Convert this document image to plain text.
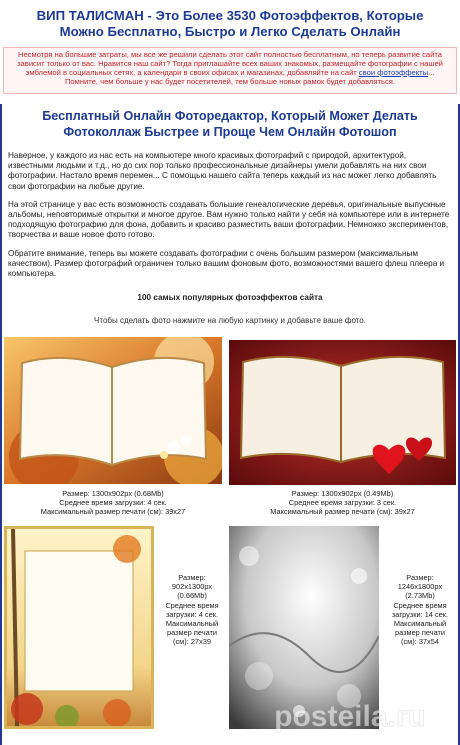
ВИП ТАЛИСМАН - Это Более 3530 Фотоэффектов, Которые Можно Бесплатно, Быстро и Легко Сделать Онлайн
Несмотря на большие затраты, мы все же решили сделать этот сайт полностью бесплатным, но теперь развитие сайта зависит только от вас. Нравится наш сайт? Тогда приглашайте всех ваших знакомых, размещайте фотографии с нашей эмблемой в социальных сетях, а календари в своих офисах и магазинах, добавляйте на сайт свои фотоэффекты... Помните, чем больше у нас будет посетителей, тем больше новых рамок будет добавляться.
Бесплатный Онлайн Фоторедактор, Который Может Делать Фотоколлаж Быстрее и Проще Чем Онлайн Фотошоп

Наверное, у каждого из нас есть на компьютере много красивых фотографий с природой, архитектурой, известными людьми и т.д., но до сих пор только профессиональные дизайнеры умели добавлять на них свои фотографии. Настало время перемен... С помощью нашего сайта теперь каждый из нас может легко добавлять свои фотографии на любые другие.

На этой странице у вас есть возможность создавать большие генеалогические деревья, оригинальные выпускные альбомы, неповторимые открытки и многое другое. Вам нужно только найти у себя на компьютере или в интернете подходящую фотографию для фона, добавить и красиво разместить ваши фотографии. Немножко экспериментов, творчества и ваше новое фото готово.

Обратите внимание, теперь вы можете создавать фотографии с очень большим размером (максимальным качеством). Размер фотографий ограничен только вашим фоновым фото, возможностями вашего флеш плеера и компьютера.

100 самых популярных фотоэффектов сайта
Чтобы сделать фото нажмите на любую картинку и добавьте ваше фото.
Размер: 1300x902px (0.68Mb)
Среднее время загрузки: 4 сек.
Максимальный размер печати (см): 39x27
Размер: 1300x902px (0.49Mb)
Среднее время загрузки: 3 сек.
Максимальный размер печати (см): 39x27
Размер:
902x1300px
(0.66Mb)
Среднее время
загрузки: 4 сек.
Максимальный
размер печати
(см): 27x39
Размер:
1246x1800px
(2.73Mb)
Среднее время
загрузки: 14 сек.
Максимальный
размер печати
(см): 37x54
posteila.ru
